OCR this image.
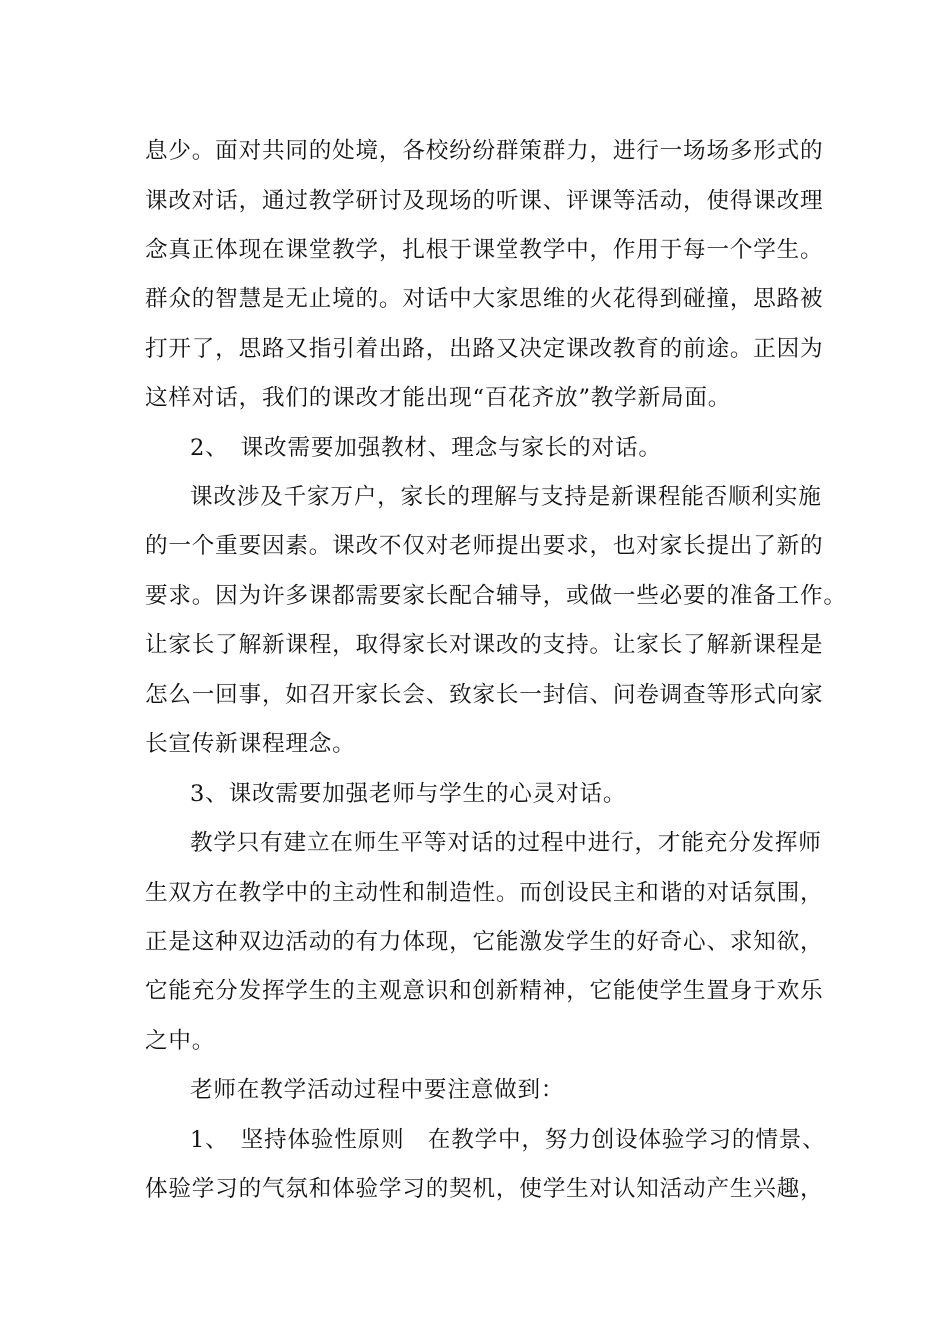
息少。面对共同的处境，各校纷纷群策群力，进行一场场多形式的
课改对话，通过教学研讨及现场的听课、评课等活动，使得课改理
念真正体现在课堂教学，扎根于课堂教学中，作用于每一个学生。
群众的智慧是无止境的。对话中大家思维的火花得到碰撞，思路被
打开了，思路又指引着出路，出路又决定课改教育的前途。正因为
这样对话，我们的课改才能出现“百花齐放”教学新局面。
2、　课改需要加强教材、理念与家长的对话。
课改涉及千家万户，家长的理解与支持是新课程能否顺利实施
的一个重要因素。课改不仅对老师提出要求，也对家长提出了新的
要求。因为许多课都需要家长配合辅导，或做一些必要的准备工作。
让家长了解新课程，取得家长对课改的支持。让家长了解新课程是
怎么一回事，如召开家长会、致家长一封信、问卷调查等形式向家
长宣传新课程理念。
3、课改需要加强老师与学生的心灵对话。
教学只有建立在师生平等对话的过程中进行，才能充分发挥师
生双方在教学中的主动性和制造性。而创设民主和谐的对话氛围，
正是这种双边活动的有力体现，它能激发学生的好奇心、求知欲，
它能充分发挥学生的主观意识和创新精神，它能使学生置身于欢乐
之中。
老师在教学活动过程中要注意做到：
1、　坚持体验性原则　在教学中，努力创设体验学习的情景、
体验学习的气氛和体验学习的契机，使学生对认知活动产生兴趣，
